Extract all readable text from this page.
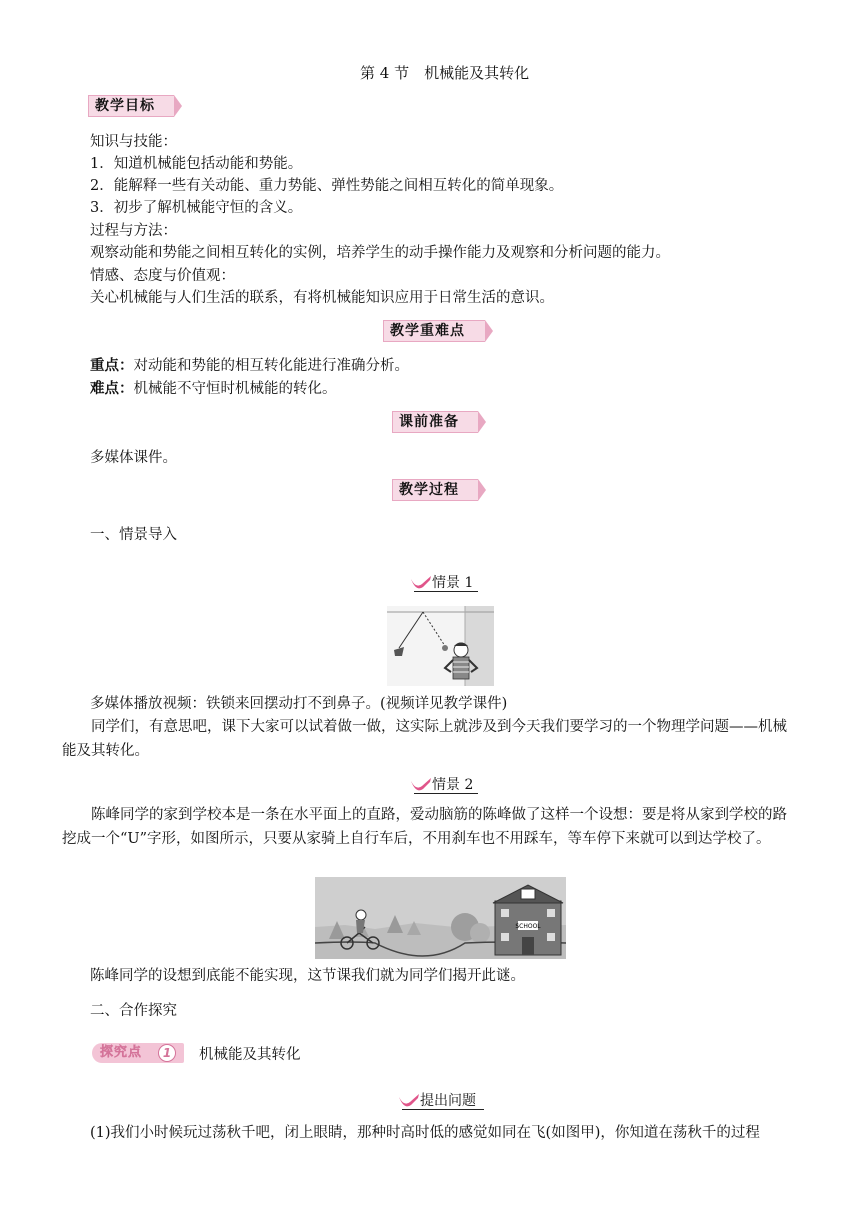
第 4 节　机械能及其转化
教学目标
知识与技能：
1．知道机械能包括动能和势能。
2．能解释一些有关动能、重力势能、弹性势能之间相互转化的简单现象。
3．初步了解机械能守恒的含义。
过程与方法：
观察动能和势能之间相互转化的实例，培养学生的动手操作能力及观察和分析问题的能力。
情感、态度与价值观：
关心机械能与人们生活的联系，有将机械能知识应用于日常生活的意识。
教学重难点
重点：对动能和势能的相互转化能进行准确分析。
难点：机械能不守恒时机械能的转化。
课前准备
多媒体课件。
教学过程
一、情景导入
情景 1
多媒体播放视频：铁锁来回摆动打不到鼻子。(视频详见教学课件)
同学们，有意思吧，课下大家可以试着做一做，这实际上就涉及到今天我们要学习的一个物理学问题——机械能及其转化。
情景 2
陈峰同学的家到学校本是一条在水平面上的直路，爱动脑筋的陈峰做了这样一个设想：要是将从家到学校的路挖成一个“U”字形，如图所示，只要从家骑上自行车后，不用刹车也不用踩车，等车停下来就可以到达学校了。
SCHOOL
陈峰同学的设想到底能不能实现，这节课我们就为同学们揭开此谜。
二、合作探究
探究点	1	机械能及其转化
提出问题
(1)我们小时候玩过荡秋千吧，闭上眼睛，那种时高时低的感觉如同在飞(如图甲)，你知道在荡秋千的过程
